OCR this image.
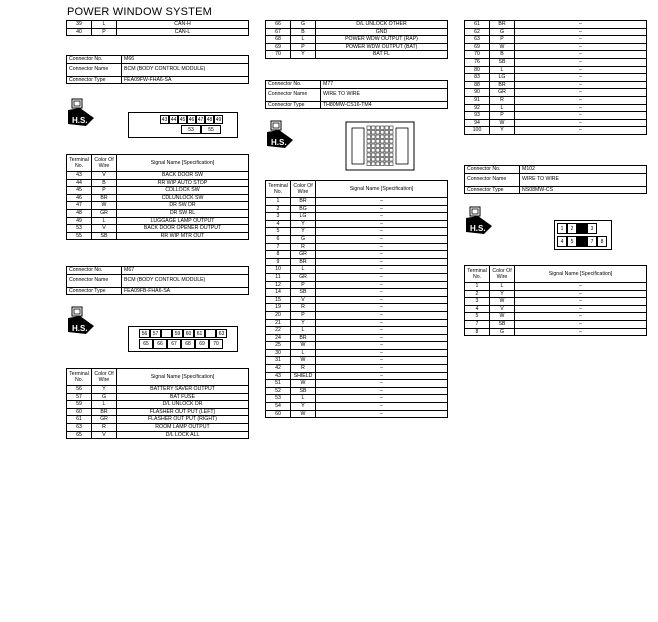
POWER WINDOW SYSTEM
39	L	CAN-H
40	P	CAN-L
Connector No.	M66
Connector Name	BCM (BODY CONTROL MODULE)
Connector Type	FEA09FW-FHA6-SA
H.S.	43 44 45 46 47 48 49
53	55
Terminal No.	Color Of Wire	Signal Name [Specification]
43	V	BACK DOOR SW
44	B	RR WIP AUTO STOP
45	P	CDLLOCK SW
46	BR	CDLUNLOCK SW
47	W	DR SW DR
48	GR	DR SW RL
49	L	LUGGAGE LAMP OUTPUT
53	V	BACK DOOR OPENER OUTPUT
55	SB	RR WIP MTR OUT
Connector No.	M67
Connector Name	BCM (BODY CONTROL MODULE)
Connector Type	FEA09FB-FHA6-SA
H.S.
56	57	59	60	61	63
65	66	67	68	69	70
Terminal No.	Color Of Wire	Signal Name [Specification]
56	Y	BATTERY SAVER OUTPUT
57	G	BAT FUSE
59	L	D/L UNLOCK DR
60	BR	FLASHER OUT PUT (LEFT)
61	GR	FLASHER OUT PUT (RIGHT)
63	R	ROOM LAMP OUTPUT
65	V	D/L LOCK ALL
66	G	D/L UNLOCK OTHER
67	B	GND
68	L	POWER WDW OUTPUT (RAP)
69	P	POWER WDW OUTPUT (BAT)
70	Y	BAT FL
Connector No.	M77
Connector Name	WIRE TO WIRE
Connector Type	TH80MW-CS16-TM4
H.S.
Terminal No.	Color Of Wire	Signal Name [Specification]
1	BR	–
2	BG	–
3	LG	–
4	Y	–
5	Y	–
6	G	–
7	R	–
8	GR	–
9	BR	–
10	L	–
11	GR	–
12	P	–
14	SB	–
15	V	–
19	R	–
20	P	–
21	Y	–
22	L	–
24	BR	–
25	W	–
30	L	–
31	W	–
42	R	–
43	SHIELD	–
51	W	–
52	SB	–
53	L	–
54	Y	–
60	W	–
61	BR	–
62	G	–
63	P	–
69	W	–
70	B	–
76	SB	–
80	L	–
83	LG	–
88	BR	–
90	GR	–
91	R	–
92	L	–
93	P	–
94	W	–
100	Y	–
Connector No.	M102
Connector Name	WIRE TO WIRE
Connector Type	NS08MW-CS
H.S.	1	2	3
4	5	7	8
Terminal No.	Color Of Wire	Signal Name [Specification]
1	L	–
2	Y	–
3	W	–
4	V	–
5	W	–
7	SB	–
8	G	–
